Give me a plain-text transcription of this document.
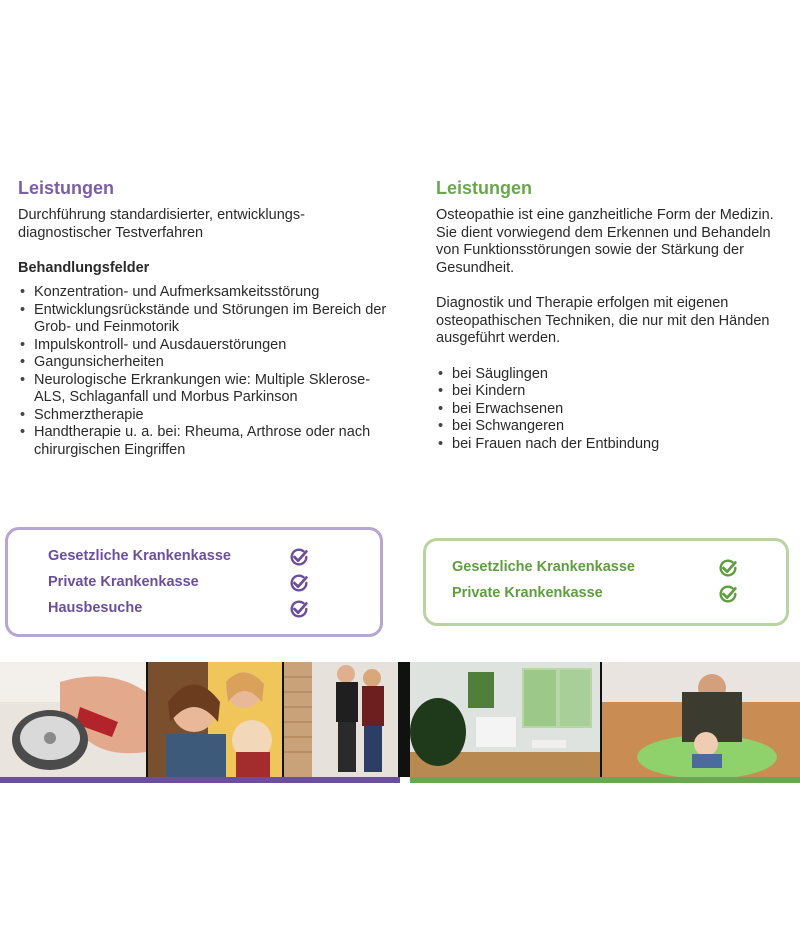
Leistungen

Durchführung standardisierter, entwicklungs-diagnostischer Testverfahren

Behandlungsfelder
• Konzentration- und Aufmerksamkeitsstörung
• Entwicklungsrückstände und Störungen im Bereich der Grob- und Feinmotorik
• Impulskontroll- und Ausdauerstörungen
• Gangunsicherheiten
• Neurologische Erkrankungen wie: Multiple Sklerose-ALS, Schlaganfall und Morbus Parkinson
• Schmerztherapie
• Handtherapie u. a. bei: Rheuma, Arthrose oder nach chirurgischen Eingriffen
Leistungen

Osteopathie ist eine ganzheitliche Form der Medizin. Sie dient vorwiegend dem Erkennen und Behandeln von Funktionsstörungen sowie der Stärkung der Gesundheit.

Diagnostik und Therapie erfolgen mit eigenen osteopathischen Techniken, die nur mit den Händen ausgeführt werden.

• bei Säuglingen
• bei Kindern
• bei Erwachsenen
• bei Schwangeren
• bei Frauen nach der Entbindung
Gesetzliche Krankenkasse
Private Krankenkasse
Hausbesuche
Gesetzliche Krankenkasse
Private Krankenkasse
